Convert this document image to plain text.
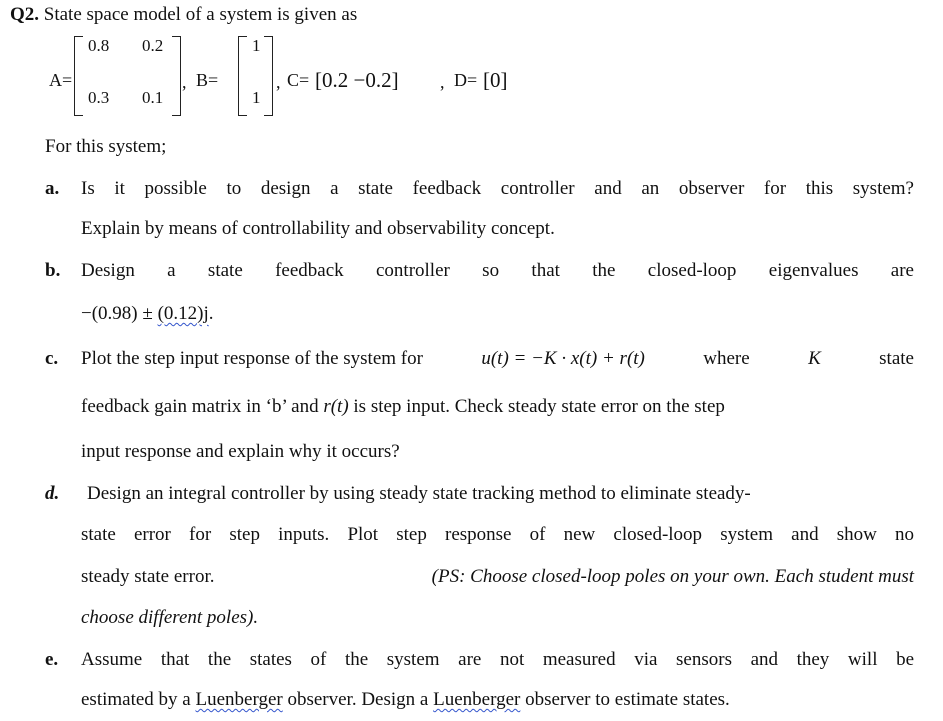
Q2. State space model of a system is given as
A=
0.8 0.2
0.3 0.1
, B=
1
1
, C= [0.2 −0.2] , D= [0]
For this system;
a. Is it possible to design a state feedback controller and an observer for this system?
Explain by means of controllability and observability concept.
b. Design a state feedback controller so that the closed-loop eigenvalues are
−(0.98) ± (0.12)j.
c. Plot the step input response of the system for	u(t) = −K · x(t) + r(t)	where	K	state
feedback gain matrix in ‘b’ and r(t) is step input. Check steady state error on the step
input response and explain why it occurs?
d. Design an integral controller by using steady state tracking method to eliminate steady-
state error for step inputs. Plot step response of new closed-loop system and show no
steady state error.	(PS: Choose closed-loop poles on your own. Each student must
choose different poles).
e. Assume that the states of the system are not measured via sensors and they will be
estimated by a Luenberger observer. Design a Luenberger observer to estimate states.
